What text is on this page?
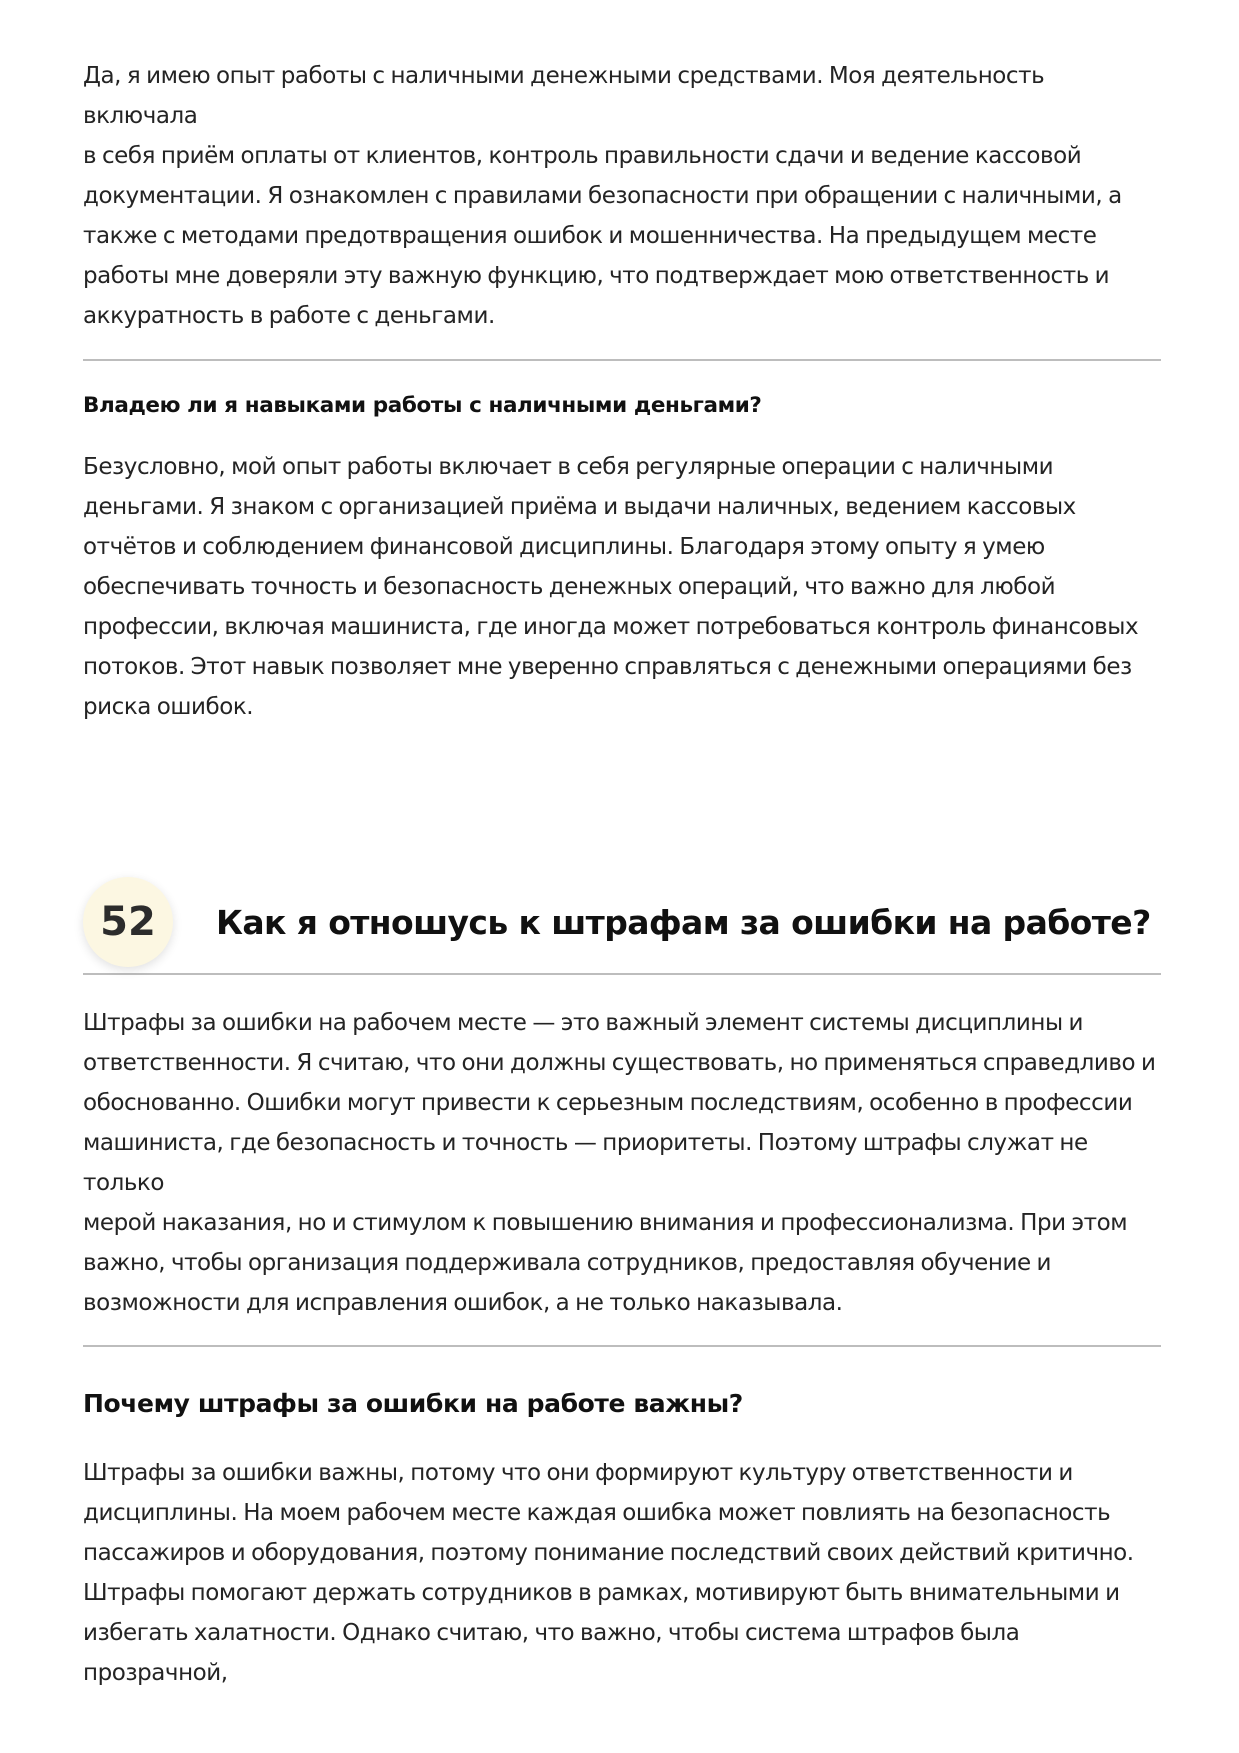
Да, я имею опыт работы с наличными денежными средствами. Моя деятельность включала

в себя приём оплаты от клиентов, контроль правильности сдачи и ведение кассовой

документации. Я ознакомлен с правилами безопасности при обращении с наличными, а

также с методами предотвращения ошибок и мошенничества. На предыдущем месте

работы мне доверяли эту важную функцию, что подтверждает мою ответственность и

аккуратность в работе с деньгами.

Владею ли я навыками работы с наличными деньгами?

Безусловно, мой опыт работы включает в себя регулярные операции с наличными

деньгами. Я знаком с организацией приёма и выдачи наличных, ведением кассовых

отчётов и соблюдением финансовой дисциплины. Благодаря этому опыту я умею

обеспечивать точность и безопасность денежных операций, что важно для любой

профессии, включая машиниста, где иногда может потребоваться контроль финансовых

потоков. Этот навык позволяет мне уверенно справляться с денежными операциями без

риска ошибок.

52	Как я отношусь к штрафам за ошибки на работе?

Штрафы за ошибки на рабочем месте — это важный элемент системы дисциплины и

ответственности. Я считаю, что они должны существовать, но применяться справедливо и

обоснованно. Ошибки могут привести к серьезным последствиям, особенно в профессии

машиниста, где безопасность и точность — приоритеты. Поэтому штрафы служат не только

мерой наказания, но и стимулом к повышению внимания и профессионализма. При этом

важно, чтобы организация поддерживала сотрудников, предоставляя обучение и

возможности для исправления ошибок, а не только наказывала.

Почему штрафы за ошибки на работе важны?

Штрафы за ошибки важны, потому что они формируют культуру ответственности и

дисциплины. На моем рабочем месте каждая ошибка может повлиять на безопасность

пассажиров и оборудования, поэтому понимание последствий своих действий критично.

Штрафы помогают держать сотрудников в рамках, мотивируют быть внимательными и

избегать халатности. Однако считаю, что важно, чтобы система штрафов была прозрачной,
